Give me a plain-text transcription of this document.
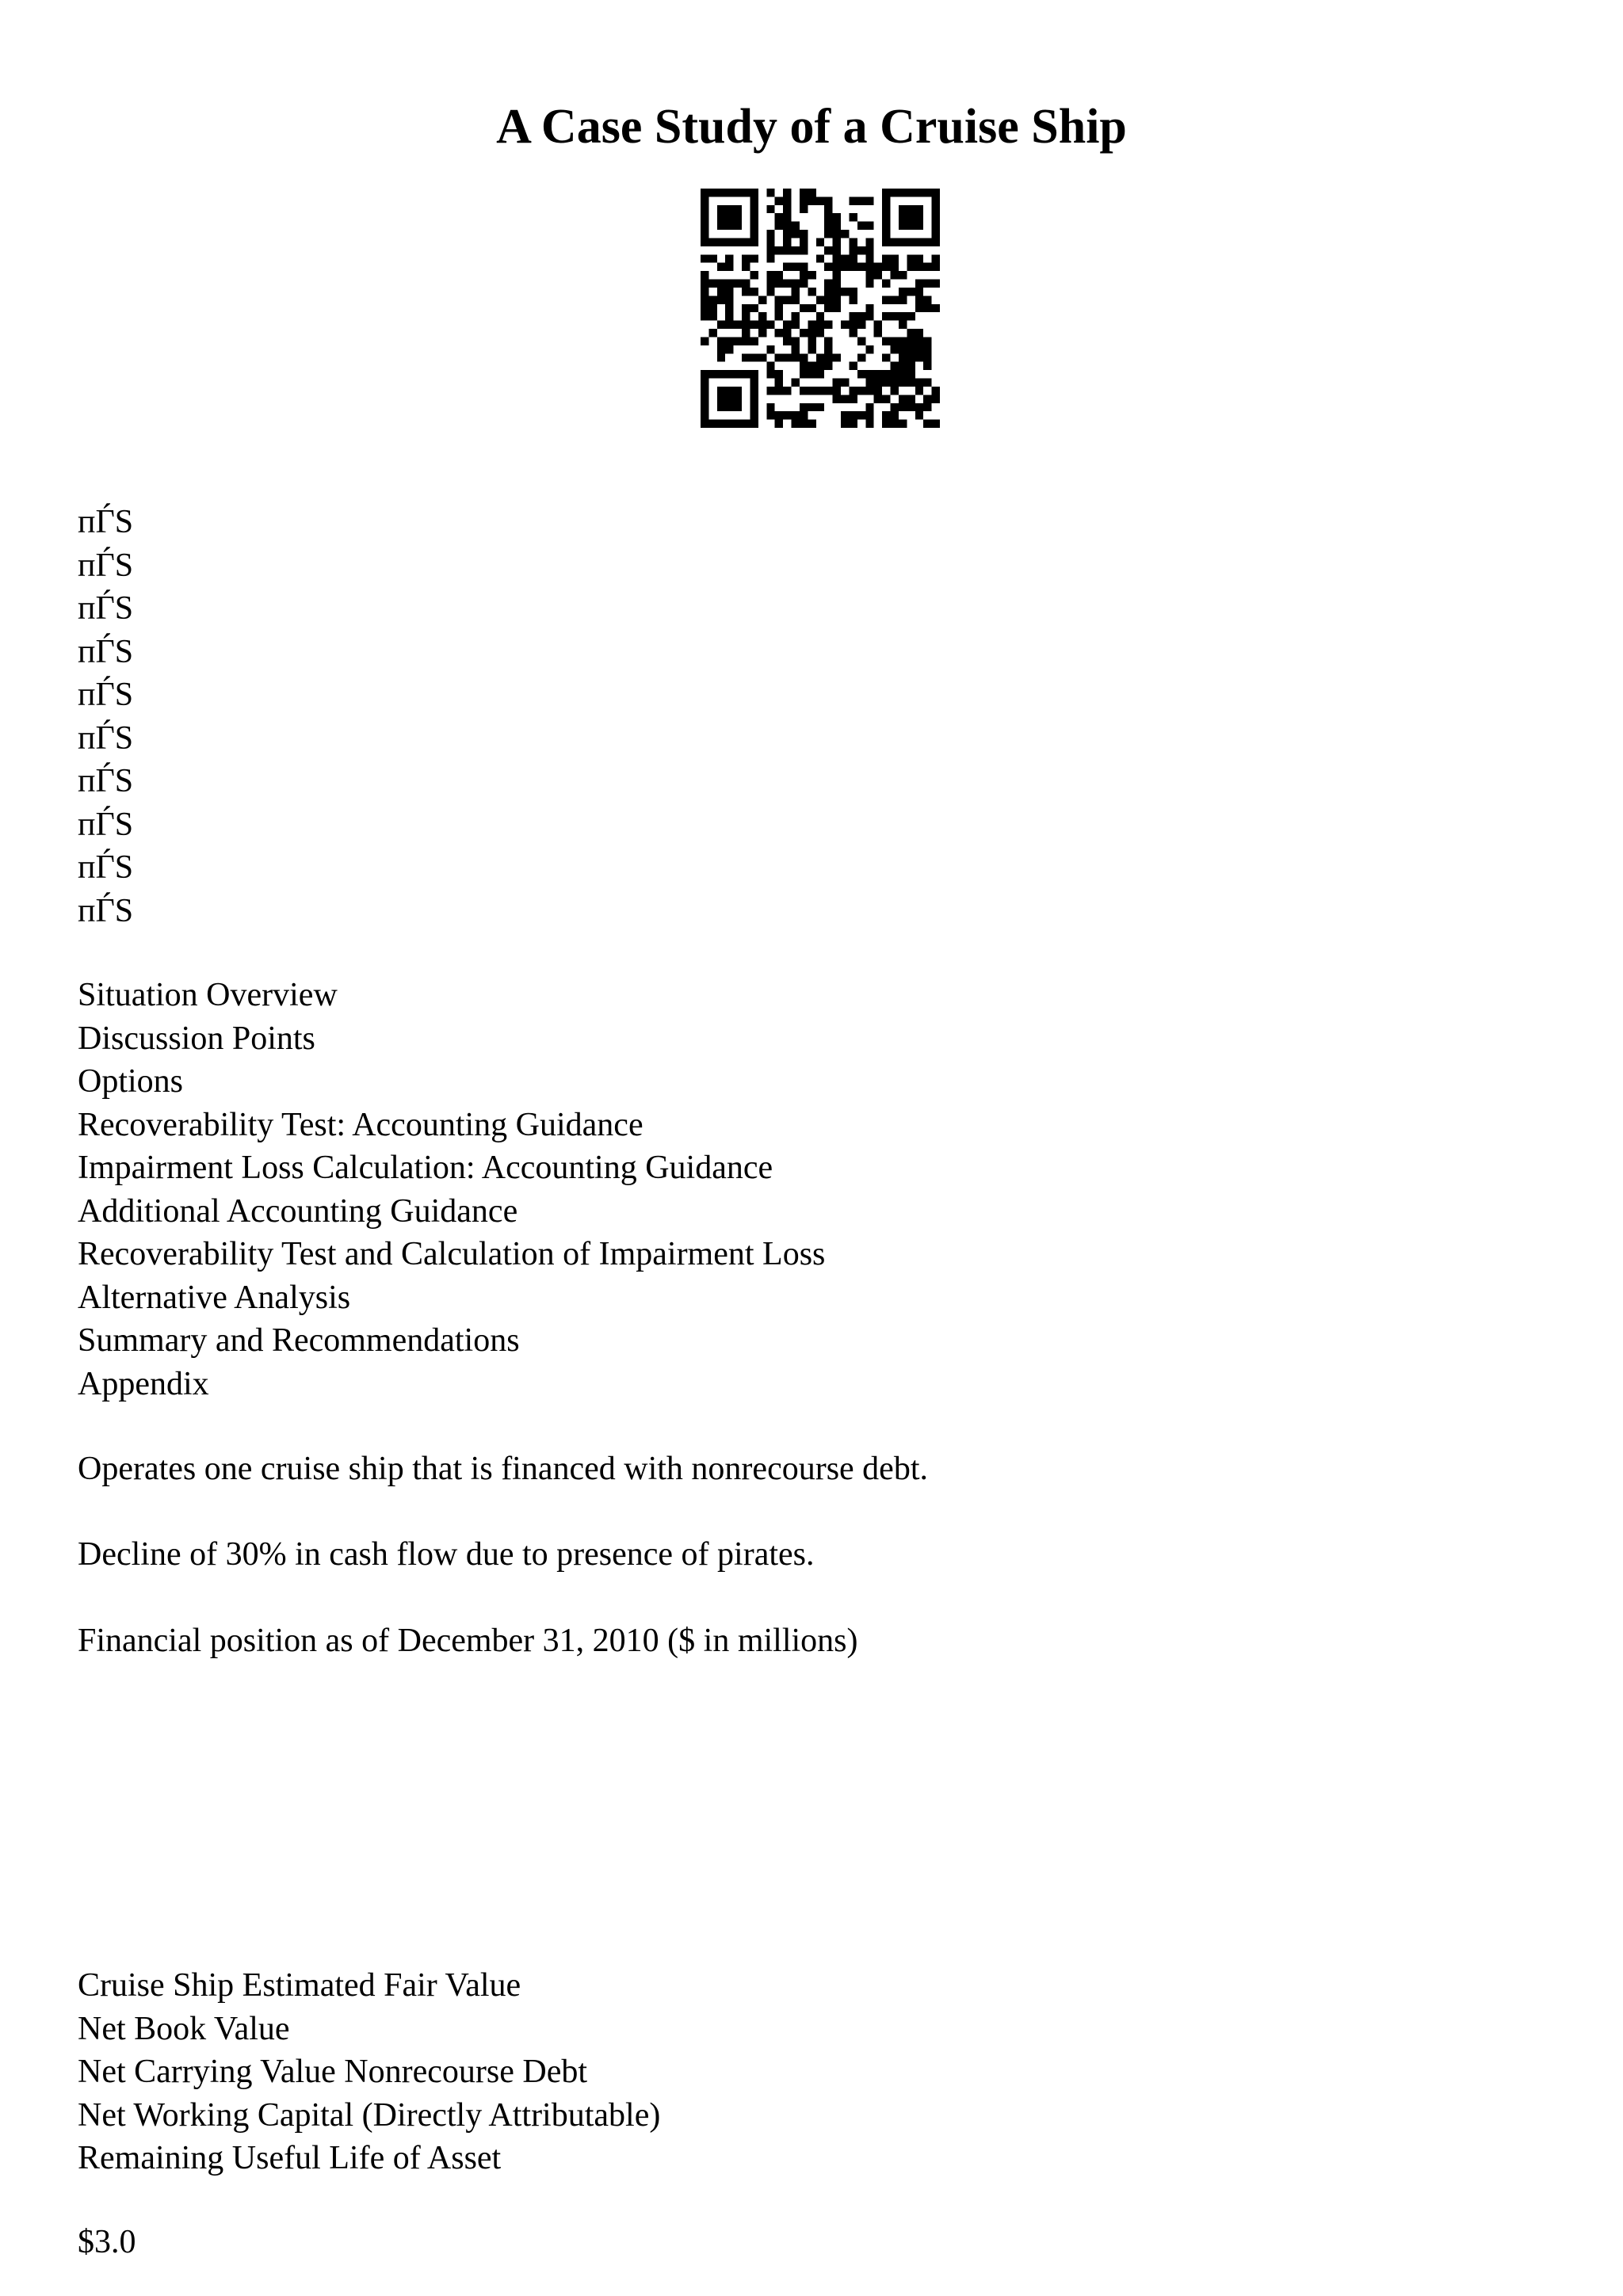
A Case Study of a Cruise Ship
пЃЅ
пЃЅ
пЃЅ
пЃЅ
пЃЅ
пЃЅ
пЃЅ
пЃЅ
пЃЅ
пЃЅ
Situation Overview
Discussion Points
Options
Recoverability Test: Accounting Guidance
Impairment Loss Calculation: Accounting Guidance
Additional Accounting Guidance
Recoverability Test and Calculation of Impairment Loss
Alternative Analysis
Summary and Recommendations
Appendix
Operates one cruise ship that is financed with nonrecourse debt.
Decline of 30% in cash flow due to presence of pirates.
Financial position as of December 31, 2010 ($ in millions)
Cruise Ship Estimated Fair Value
Net Book Value
Net Carrying Value Nonrecourse Debt
Net Working Capital (Directly Attributable)
Remaining Useful Life of Asset
$3.0
